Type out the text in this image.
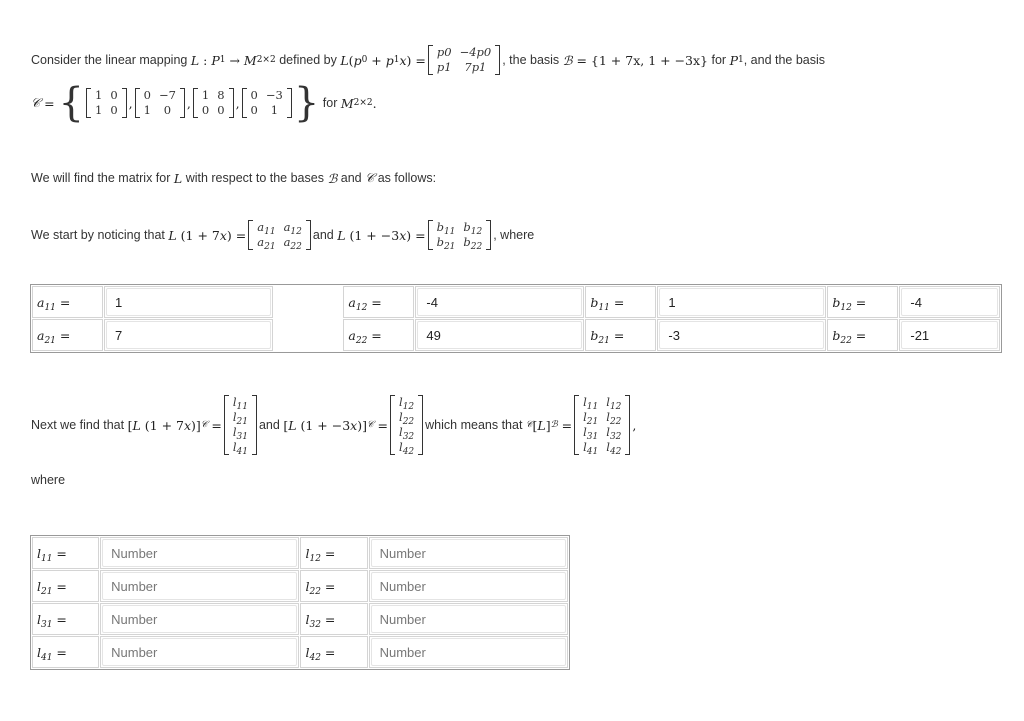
Consider the linear mapping
L : P 1 → M 2×2
defined by
L ( p 0 + p 1 x ) =
p0	−4p0
p1	7p1 , the basis
ℬ = {1 + 7x, 1 + −3x}
for
P 1 , and the basis
𝒞 = { 1	0
1	0 ,
0	−7
1	0 ,
1	8
0	0 ,
0	−3
0	1 }
for
M 2×2 .
We will find the matrix for
L
with respect to the bases
ℬ
and
𝒞
as follows:
We start by noticing that
L (1 + 7 x ) =
$a_{11}$	$a_{12}$
$a_{21}$	$a_{22}$
and
L (1 + −3 x ) =
$b_{11}$	$b_{12}$
$b_{21}$	$b_{22}$
, where
$a_{11}$ =	1		$a_{12}$ =	-4	$b_{11}$ =	1	$b_{12}$ =	-4

$a_{21}$ =	7		$a_{22}$ =	49	$b_{21}$ =	-3	$b_{22}$ =	-21
Next we find that
[ L (1 + 7 x )] 𝒞 =
$l_{11}$
$l_{21}$
$l_{31}$
$l_{41}$
and
[ L (1 + −3 x )] 𝒞 =
$l_{12}$
$l_{22}$
$l_{32}$
$l_{42}$
which means that
𝒞 [ L ] ℬ =
$l_{11}$	$l_{12}$
$l_{21}$	$l_{22}$
$l_{31}$	$l_{32}$
$l_{41}$	$l_{42}$
,
where
$l_{11}$ =	Number	$l_{12}$ =	Number

$l_{21}$ =	Number	$l_{22}$ =	Number

$l_{31}$ =	Number	$l_{32}$ =	Number

$l_{41}$ =	Number	$l_{42}$ =	Number
